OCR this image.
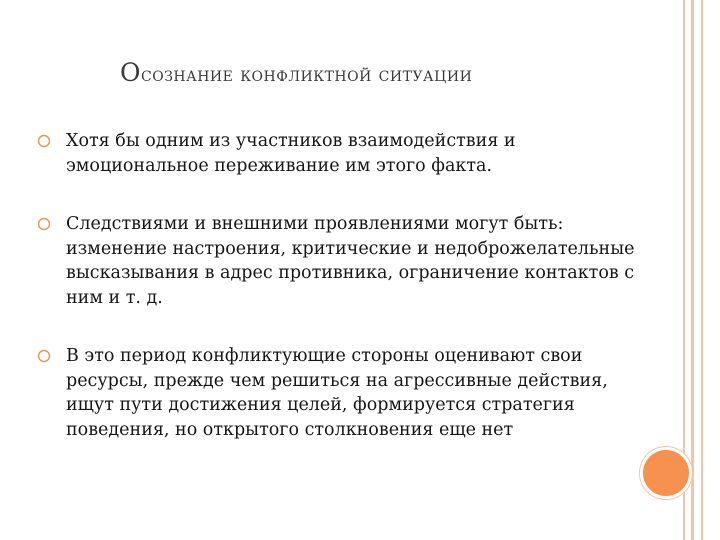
Осознание конфликтной ситуации
Хотя бы одним из участников взаимодействия и эмоциональное переживание им этого факта.
Следствиями и внешними проявлениями могут быть: изменение настроения, критические и недоброжелательные высказывания в адрес противника, ограничение контактов с ним и т. д.
В это период конфликтующие стороны оценивают свои ресурсы, прежде чем решиться на агрессивные действия, ищут пути достижения целей, формируется стратегия поведения, но открытого столкновения еще нет
